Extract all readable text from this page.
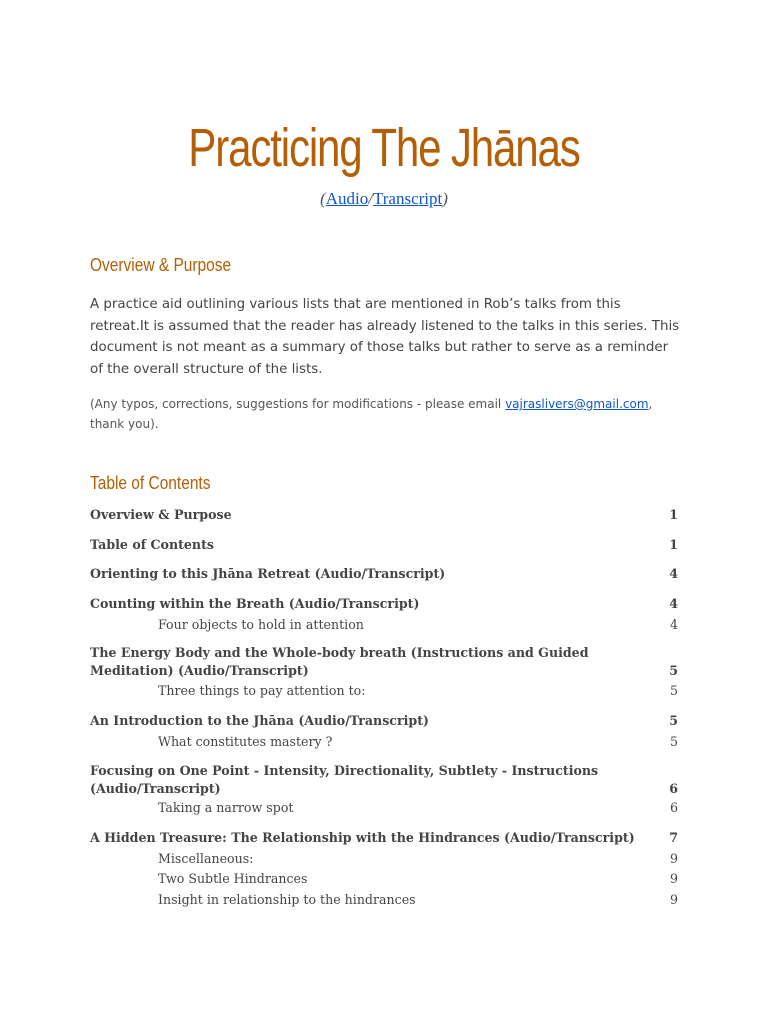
Practicing The Jhānas
(Audio/Transcript)
Overview & Purpose
A practice aid outlining various lists that are mentioned in Rob’s talks from this retreat.It is assumed that the reader has already listened to the talks in this series. This document is not meant as a summary of those talks but rather to serve as a reminder of the overall structure of the lists.
(Any typos, corrections, suggestions for modifications - please email vajraslivers@gmail.com, thank you).
Table of Contents
Overview & Purpose	1
Table of Contents	1
Orienting to this Jhāna Retreat (Audio/Transcript)	4
Counting within the Breath (Audio/Transcript)	4
Four objects to hold in attention	4
The Energy Body and the Whole-body breath (Instructions and Guided Meditation) (Audio/Transcript)	5
Three things to pay attention to:	5
An Introduction to the Jhāna (Audio/Transcript)	5
What constitutes mastery ?	5
Focusing on One Point - Intensity, Directionality, Subtlety - Instructions (Audio/Transcript)	6
Taking a narrow spot	6
A Hidden Treasure: The Relationship with the Hindrances (Audio/Transcript)	7
Miscellaneous:	9
Two Subtle Hindrances	9
Insight in relationship to the hindrances	9
